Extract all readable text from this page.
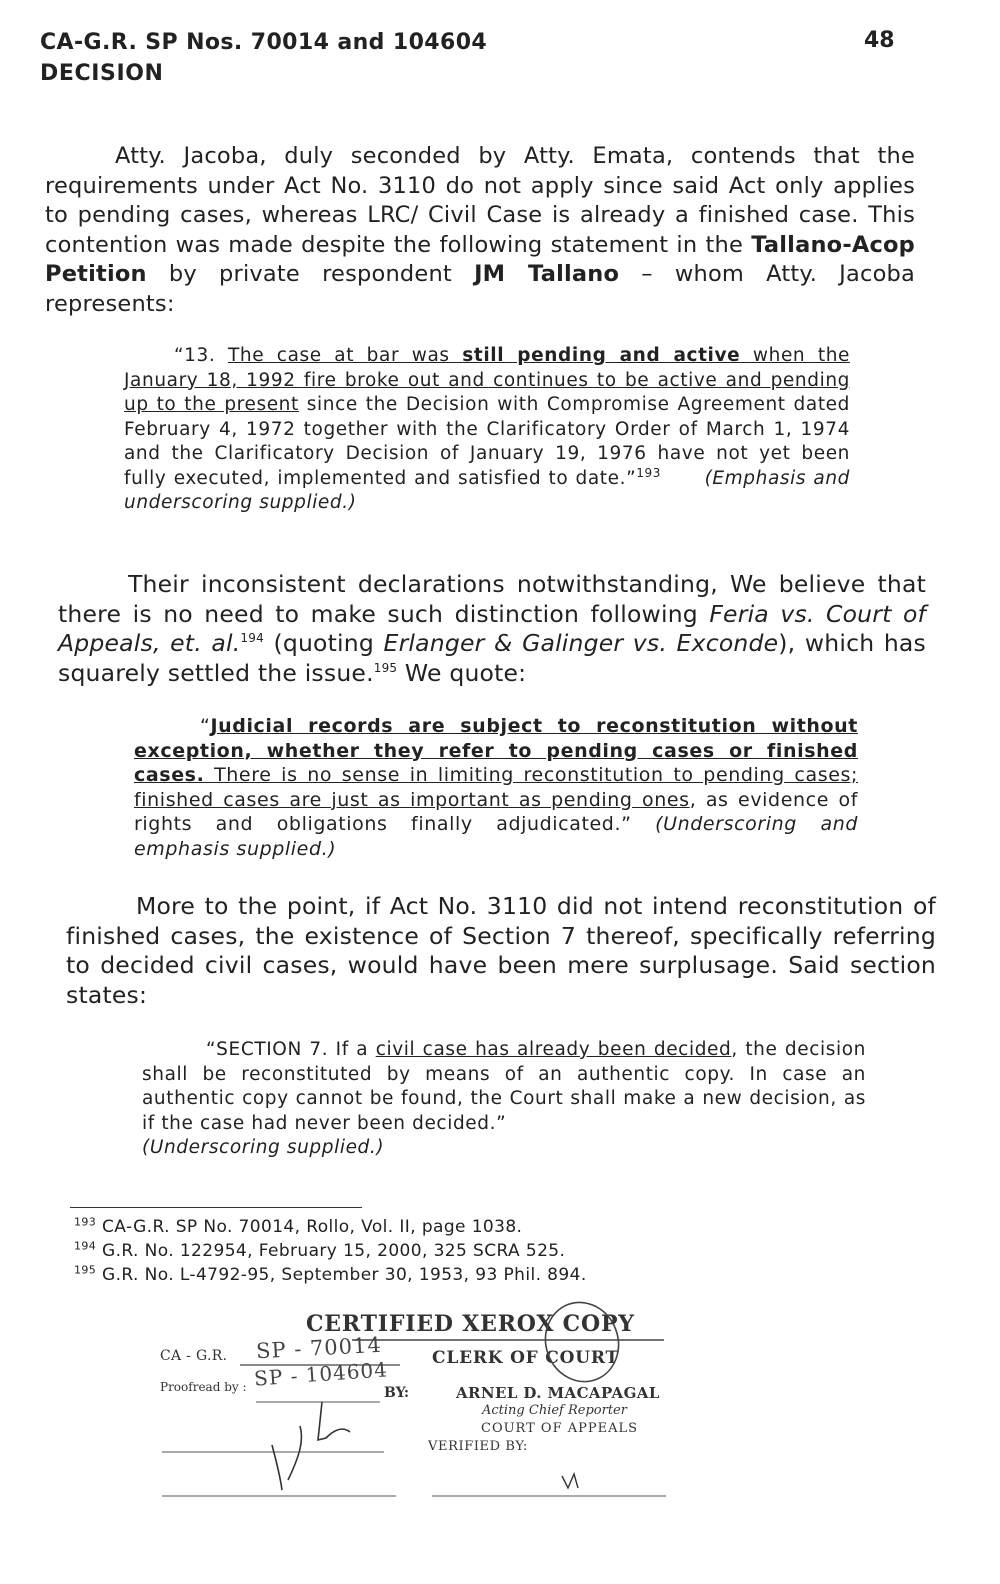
CA-G.R. SP Nos. 70014 and 104604
DECISION
48
Atty. Jacoba, duly seconded by Atty. Emata, contends that the requirements under Act No. 3110 do not apply since said Act only applies to pending cases, whereas LRC/ Civil Case is already a finished case. This contention was made despite the following statement in the Tallano-Acop Petition by private respondent JM Tallano – whom Atty. Jacoba represents:
“13. The case at bar was still pending and active when the January 18, 1992 fire broke out and continues to be active and pending up to the present since the Decision with Compromise Agreement dated February 4, 1972 together with the Clarificatory Order of March 1, 1974 and the Clarificatory Decision of January 19, 1976 have not yet been fully executed, implemented and satisfied to date.”$^{193}$ (Emphasis and underscoring supplied.)
Their inconsistent declarations notwithstanding, We believe that there is no need to make such distinction following Feria vs. Court of Appeals, et. al.$^{194}$ (quoting Erlanger & Galinger vs. Exconde), which has squarely settled the issue.$^{195}$ We quote:
“Judicial records are subject to reconstitution without exception, whether they refer to pending cases or finished cases. There is no sense in limiting reconstitution to pending cases; finished cases are just as important as pending ones, as evidence of rights and obligations finally adjudicated.” (Underscoring and emphasis supplied.)
More to the point, if Act No. 3110 did not intend reconstitution of finished cases, the existence of Section 7 thereof, specifically referring to decided civil cases, would have been mere surplusage. Said section states:
“SECTION 7. If a civil case has already been decided, the decision shall be reconstituted by means of an authentic copy. In case an authentic copy cannot be found, the Court shall make a new decision, as if the case had never been decided.”
(Underscoring supplied.)
$^{193}$ CA-G.R. SP No. 70014, Rollo, Vol. II, page 1038.
$^{194}$ G.R. No. 122954, February 15, 2000, 325 SCRA 525.
$^{195}$ G.R. No. L-4792-95, September 30, 1953, 93 Phil. 894.
CERTIFIED XEROX COPY
CA - G.R.	CLERK OF COURT
Proofread by :	BY:	ARNEL D. MACAPAGAL
Acting Chief Reporter
COURT OF APPEALS
VERIFIED BY:
SP - 70014
SP - 104604
